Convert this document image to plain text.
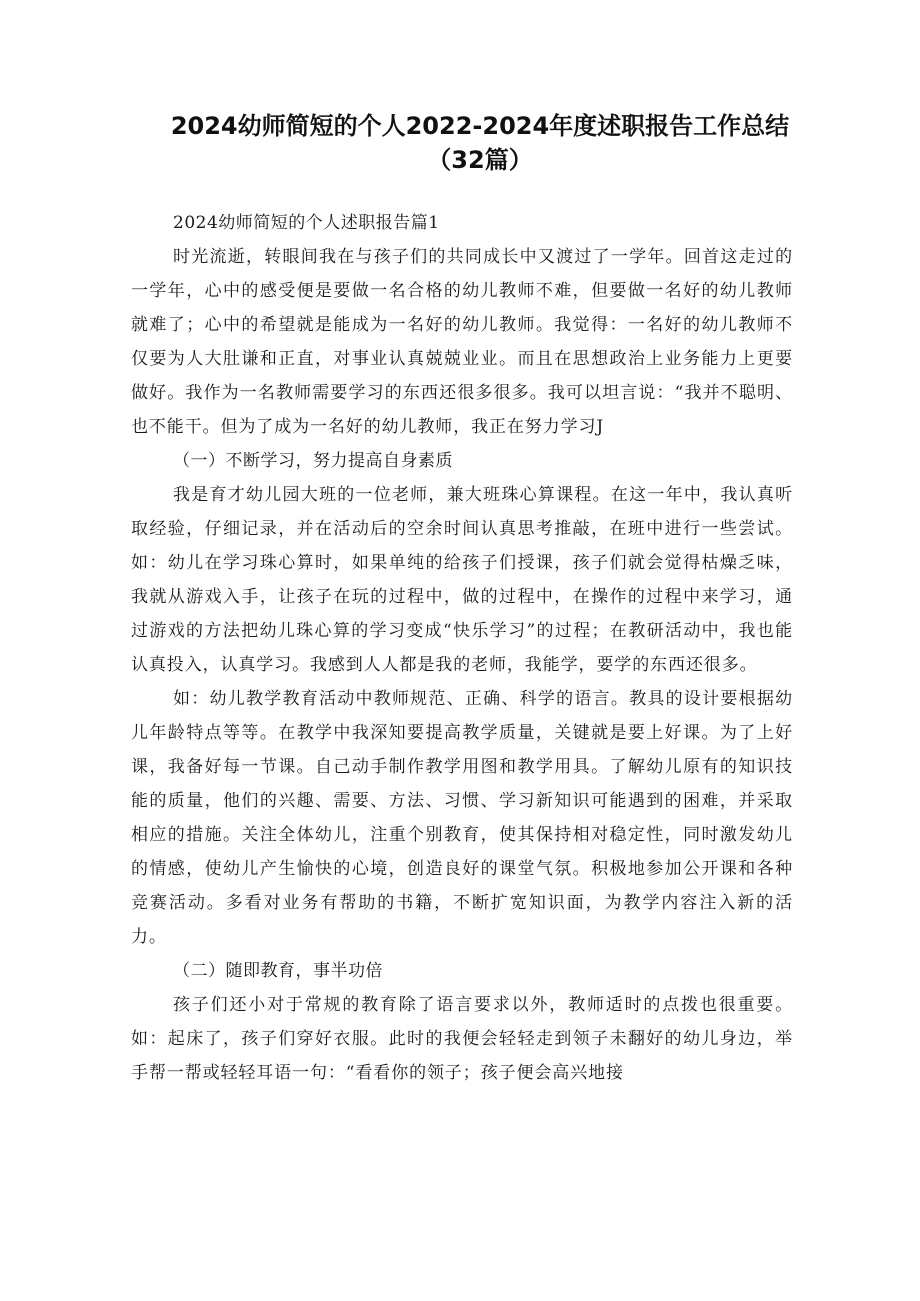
2024幼师简短的个人2022-2024年度述职报告工作总结
（32篇）

2024幼师简短的个人述职报告篇1

时光流逝，转眼间我在与孩子们的共同成长中又渡过了一学年。回首这走过的一学年，心中的感受便是要做一名合格的幼儿教师不难，但要做一名好的幼儿教师就难了；心中的希望就是能成为一名好的幼儿教师。我觉得：一名好的幼儿教师不仅要为人大肚谦和正直，对事业认真兢兢业业。而且在思想政治上业务能力上更要做好。我作为一名教师需要学习的东西还很多很多。我可以坦言说：“我并不聪明、也不能干。但为了成为一名好的幼儿教师，我正在努力学习J

（一）不断学习，努力提高自身素质

我是育才幼儿园大班的一位老师，兼大班珠心算课程。在这一年中，我认真听取经验，仔细记录，并在活动后的空余时间认真思考推敲，在班中进行一些尝试。如：幼儿在学习珠心算时，如果单纯的给孩子们授课，孩子们就会觉得枯燥乏味，我就从游戏入手，让孩子在玩的过程中，做的过程中，在操作的过程中来学习，通过游戏的方法把幼儿珠心算的学习变成“快乐学习”的过程；在教研活动中，我也能认真投入，认真学习。我感到人人都是我的老师，我能学，要学的东西还很多。

如：幼儿教学教育活动中教师规范、正确、科学的语言。教具的设计要根据幼儿年龄特点等等。在教学中我深知要提高教学质量，关键就是要上好课。为了上好课，我备好每一节课。自己动手制作教学用图和教学用具。了解幼儿原有的知识技能的质量，他们的兴趣、需要、方法、习惯、学习新知识可能遇到的困难，并采取相应的措施。关注全体幼儿，注重个别教育，使其保持相对稳定性，同时激发幼儿的情感，使幼儿产生愉快的心境，创造良好的课堂气氛。积极地参加公开课和各种竞赛活动。多看对业务有帮助的书籍，不断扩宽知识面，为教学内容注入新的活力。

（二）随即教育，事半功倍

孩子们还小对于常规的教育除了语言要求以外，教师适时的点拨也很重要。如：起床了，孩子们穿好衣服。此时的我便会轻轻走到领子未翻好的幼儿身边，举手帮一帮或轻轻耳语一句：“看看你的领子；孩子便会高兴地接
